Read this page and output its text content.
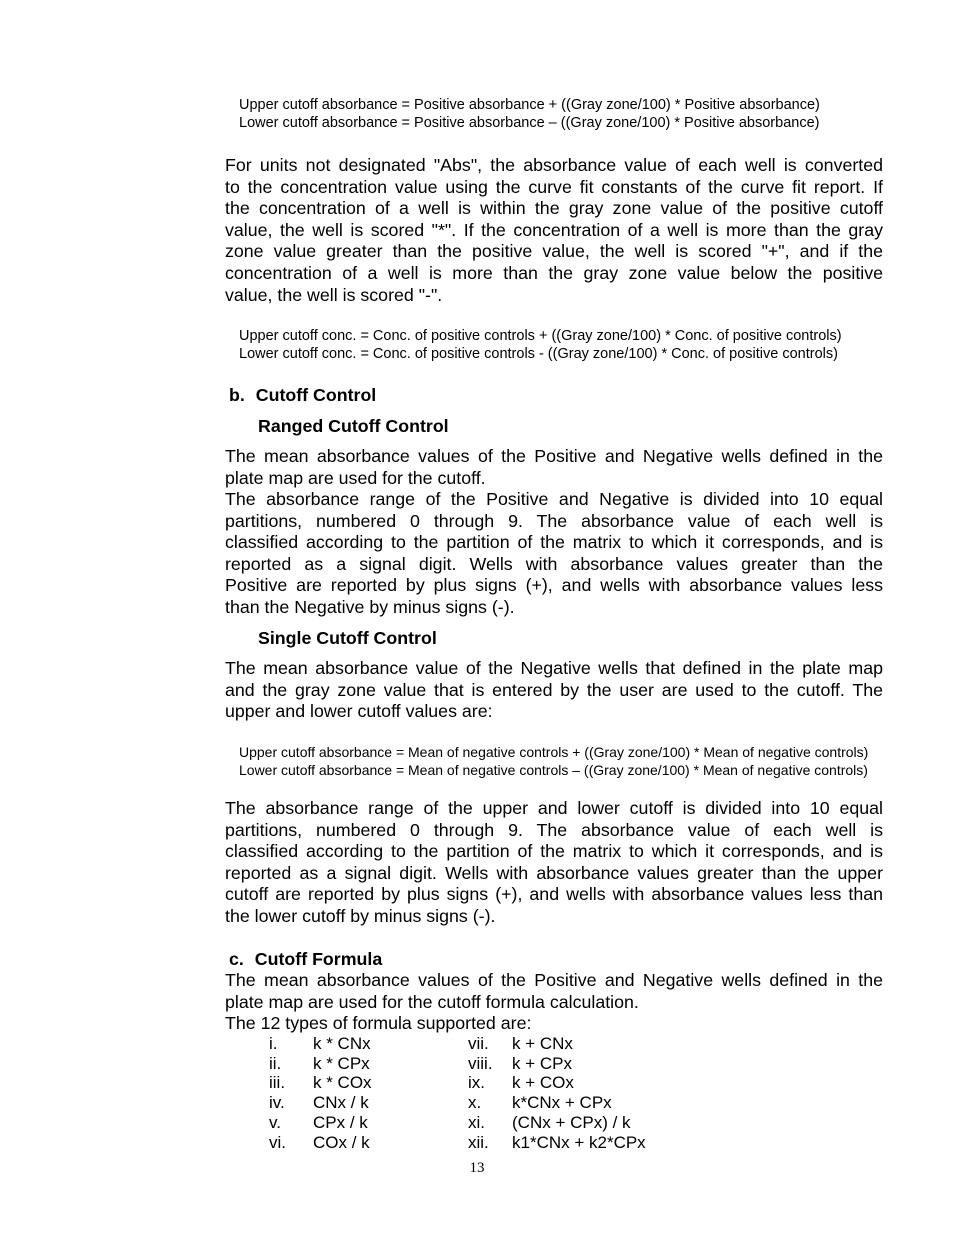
Upper cutoff absorbance = Positive absorbance + ((Gray zone/100) * Positive absorbance)
Lower cutoff absorbance = Positive absorbance – ((Gray zone/100) * Positive absorbance)
For units not designated "Abs", the absorbance value of each well is converted
to the concentration value using the curve fit constants of the curve fit report. If
the concentration of a well is within the gray zone value of the positive cutoff
value, the well is scored "*". If the concentration of a well is more than the gray
zone value greater than the positive value, the well is scored "+", and if the
concentration of a well is more than the gray zone value below the positive
value, the well is scored "-".
Upper cutoff conc. = Conc. of positive controls + ((Gray zone/100) * Conc. of positive controls)
Lower cutoff conc. = Conc. of positive controls - ((Gray zone/100) * Conc. of positive controls)
b. Cutoff Control
Ranged Cutoff Control
The mean absorbance values of the Positive and Negative wells defined in the
plate map are used for the cutoff.
The absorbance range of the Positive and Negative is divided into 10 equal
partitions, numbered 0 through 9. The absorbance value of each well is
classified according to the partition of the matrix to which it corresponds, and is
reported as a signal digit. Wells with absorbance values greater than the
Positive are reported by plus signs (+), and wells with absorbance values less
than the Negative by minus signs (-).
Single Cutoff Control
The mean absorbance value of the Negative wells that defined in the plate map
and the gray zone value that is entered by the user are used to the cutoff. The
upper and lower cutoff values are:
Upper cutoff absorbance = Mean of negative controls + ((Gray zone/100) * Mean of negative controls)
Lower cutoff absorbance = Mean of negative controls – ((Gray zone/100) * Mean of negative controls)
The absorbance range of the upper and lower cutoff is divided into 10 equal
partitions, numbered 0 through 9. The absorbance value of each well is
classified according to the partition of the matrix to which it corresponds, and is
reported as a signal digit. Wells with absorbance values greater than the upper
cutoff are reported by plus signs (+), and wells with absorbance values less than
the lower cutoff by minus signs (-).
c. Cutoff Formula
The mean absorbance values of the Positive and Negative wells defined in the
plate map are used for the cutoff formula calculation.
The 12 types of formula supported are:
i. k * CNx
ii. k * CPx
iii. k * COx
iv. CNx / k
v. CPx / k
vi. COx / k
vii. k + CNx
viii. k + CPx
ix. k + COx
x. k*CNx + CPx
xi. (CNx + CPx) / k
xii. k1*CNx + k2*CPx
13
